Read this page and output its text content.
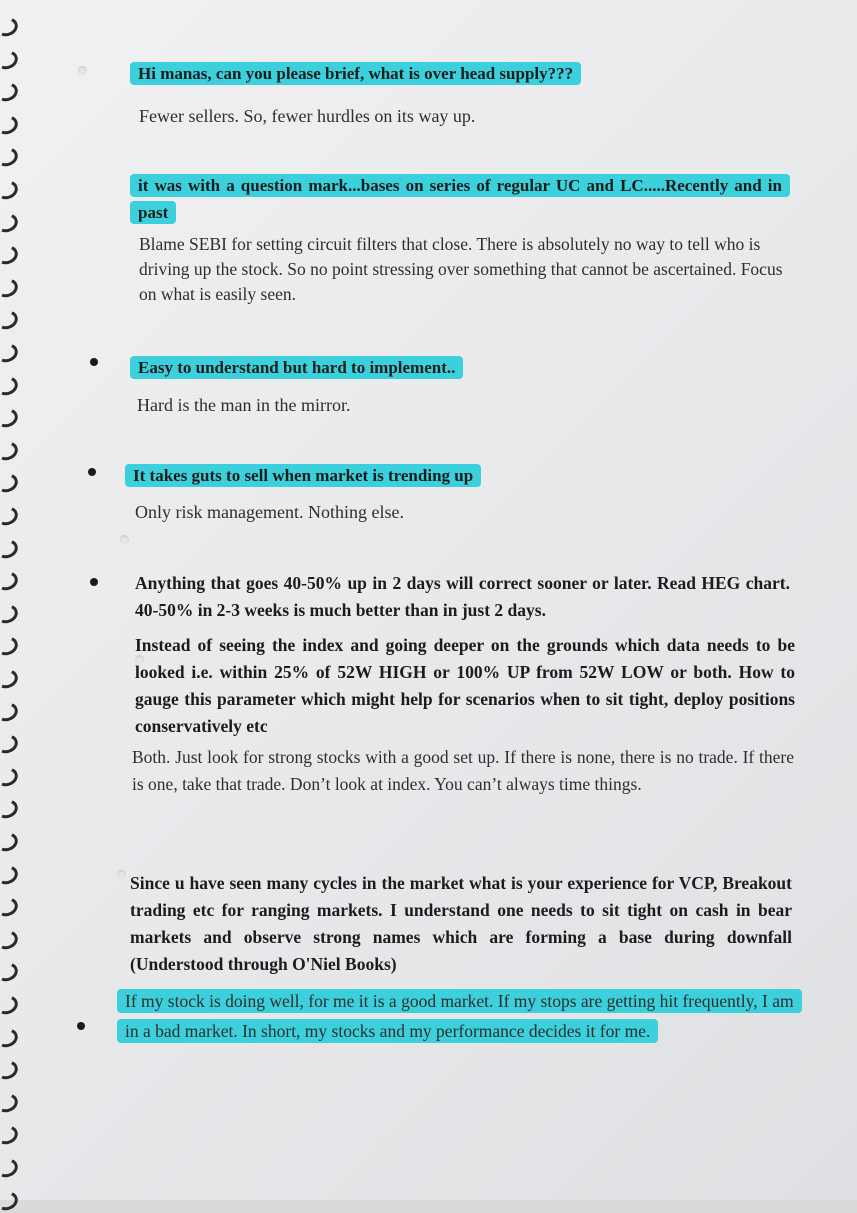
Hi manas, can you please brief, what is over head supply???

Fewer sellers. So, fewer hurdles on its way up.

it was with a question mark...bases on series of regular UC and LC.....Recently and in past

Blame SEBI for setting circuit filters that close. There is absolutely no way to tell who is driving up the stock. So no point stressing over something that cannot be ascertained. Focus on what is easily seen.

Easy to understand but hard to implement..

Hard is the man in the mirror.

It takes guts to sell when market is trending up

Only risk management. Nothing else.

Anything that goes 40-50% up in 2 days will correct sooner or later. Read HEG chart. 40-50% in 2-3 weeks is much better than in just 2 days.

Instead of seeing the index and going deeper on the grounds which data needs to be looked i.e. within 25% of 52W HIGH or 100% UP from 52W LOW or both. How to gauge this parameter which might help for scenarios when to sit tight, deploy positions conservatively etc

Both. Just look for strong stocks with a good set up. If there is none, there is no trade. If there is one, take that trade. Don’t look at index. You can’t always time things.

Since u have seen many cycles in the market what is your experience for VCP, Breakout trading etc for ranging markets. I understand one needs to sit tight on cash in bear markets and observe strong names which are forming a base during downfall (Understood through O'Niel Books)

If my stock is doing well, for me it is a good market. If my stops are getting hit frequently, I am in a bad market. In short, my stocks and my performance decides it for me.
